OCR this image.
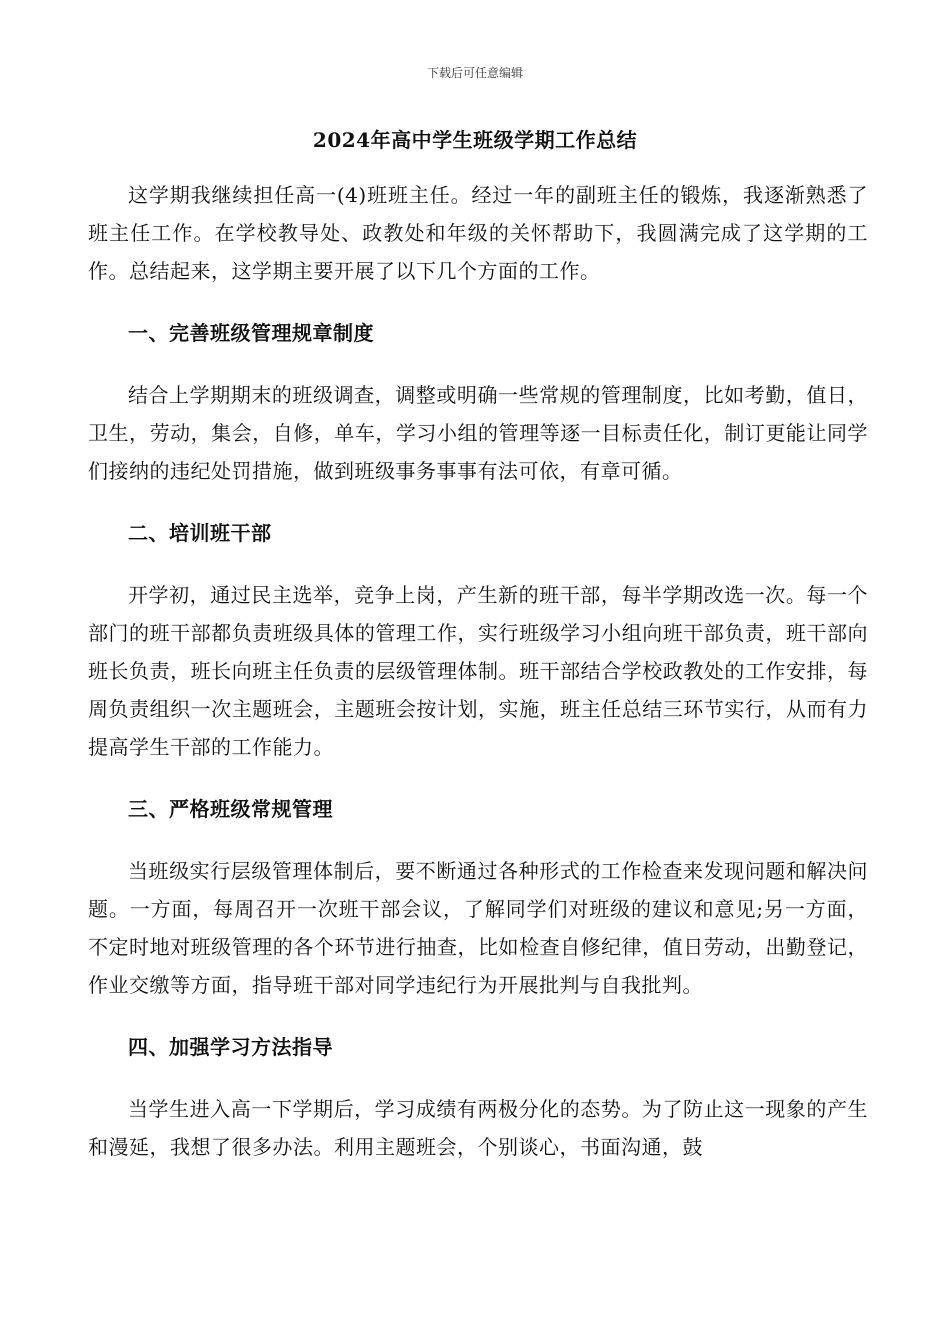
下载后可任意编辑
2024年高中学生班级学期工作总结

这学期我继续担任高一(4)班班主任。经过一年的副班主任的锻炼，我逐渐熟悉了班主任工作。在学校教导处、政教处和年级的关怀帮助下，我圆满完成了这学期的工作。总结起来，这学期主要开展了以下几个方面的工作。

一、完善班级管理规章制度

结合上学期期末的班级调查，调整或明确一些常规的管理制度，比如考勤，值日，卫生，劳动，集会，自修，单车，学习小组的管理等逐一目标责任化，制订更能让同学们接纳的违纪处罚措施，做到班级事务事事有法可依，有章可循。

二、培训班干部

开学初，通过民主选举，竞争上岗，产生新的班干部，每半学期改选一次。每一个部门的班干部都负责班级具体的管理工作，实行班级学习小组向班干部负责，班干部向班长负责，班长向班主任负责的层级管理体制。班干部结合学校政教处的工作安排，每周负责组织一次主题班会，主题班会按计划，实施，班主任总结三环节实行，从而有力提高学生干部的工作能力。

三、严格班级常规管理

当班级实行层级管理体制后，要不断通过各种形式的工作检查来发现问题和解决问题。一方面，每周召开一次班干部会议，了解同学们对班级的建议和意见;另一方面，不定时地对班级管理的各个环节进行抽查，比如检查自修纪律，值日劳动，出勤登记，作业交缴等方面，指导班干部对同学违纪行为开展批判与自我批判。

四、加强学习方法指导

当学生进入高一下学期后，学习成绩有两极分化的态势。为了防止这一现象的产生和漫延，我想了很多办法。利用主题班会，个别谈心，书面沟通，鼓
